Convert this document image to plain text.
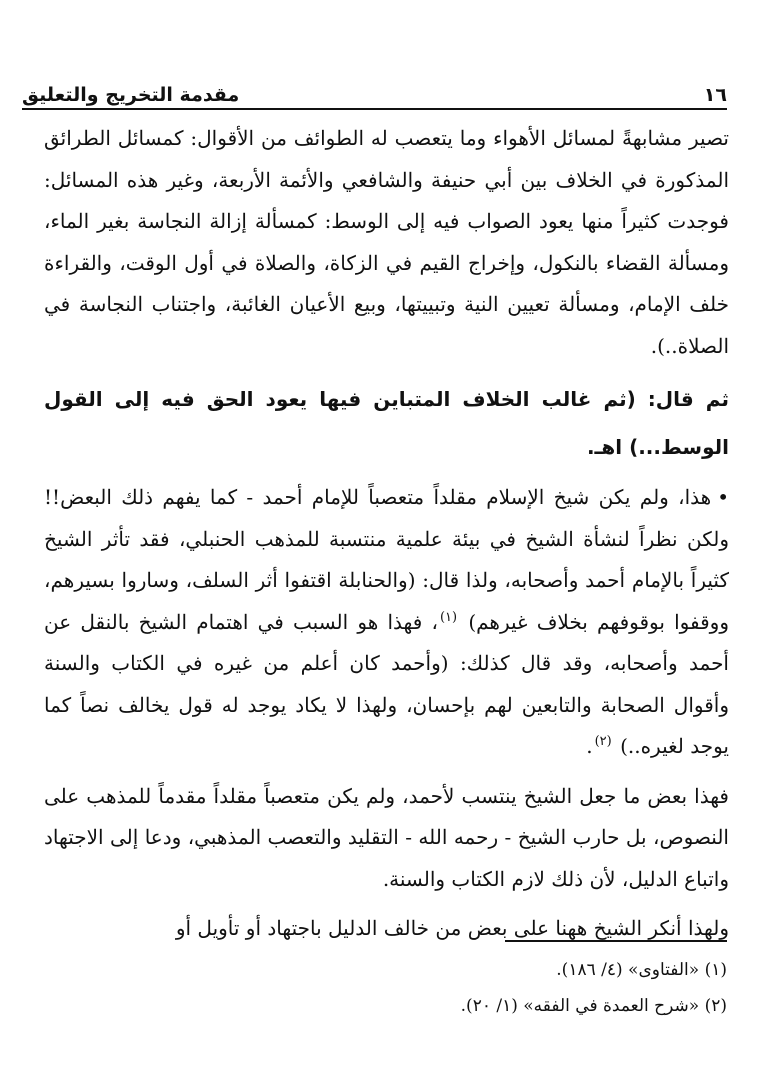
١٦
مقدمة التخريج والتعليق

تصير مشابهةً لمسائل الأهواء وما يتعصب له الطوائف من الأقوال: كمسائل الطرائق المذكورة في الخلاف بين أبي حنيفة والشافعي والأئمة الأربعة، وغير هذه المسائل: فوجدت كثيراً منها يعود الصواب فيه إلى الوسط: كمسألة إزالة النجاسة بغير الماء، ومسألة القضاء بالنكول، وإخراج القيم في الزكاة، والصلاة في أول الوقت، والقراءة خلف الإمام، ومسألة تعيين النية وتبييتها، وبيع الأعيان الغائبة، واجتناب النجاسة في الصلاة..).

ثم قال: (ثم غالب الخلاف المتباين فيها يعود الحق فيه إلى القول الوسط...) اهـ.

•هذا، ولم يكن شيخ الإسلام مقلداً متعصباً للإمام أحمد - كما يفهم ذلك البعض!! ولكن نظراً لنشأة الشيخ في بيئة علمية منتسبة للمذهب الحنبلي، فقد تأثر الشيخ كثيراً بالإمام أحمد وأصحابه، ولذا قال: (والحنابلة اقتفوا أثر السلف، وساروا بسيرهم، ووقفوا بوقوفهم بخلاف غيرهم) $^{(١)}$، فهذا هو السبب في اهتمام الشيخ بالنقل عن أحمد وأصحابه، وقد قال كذلك: (وأحمد كان أعلم من غيره في الكتاب والسنة وأقوال الصحابة والتابعين لهم بإحسان، ولهذا لا يكاد يوجد له قول يخالف نصاً كما يوجد لغيره..) $^{(٢)}$.

فهذا بعض ما جعل الشيخ ينتسب لأحمد، ولم يكن متعصباً مقلداً مقدماً للمذهب على النصوص، بل حارب الشيخ - رحمه الله - التقليد والتعصب المذهبي، ودعا إلى الاجتهاد واتباع الدليل، لأن ذلك لازم الكتاب والسنة.

ولهذا أنكر الشيخ ههنا على بعض من خالف الدليل باجتهاد أو تأويل أو

(١) «الفتاوى» (٤/ ١٨٦).

(٢) «شرح العمدة في الفقه» (١/ ٢٠).
